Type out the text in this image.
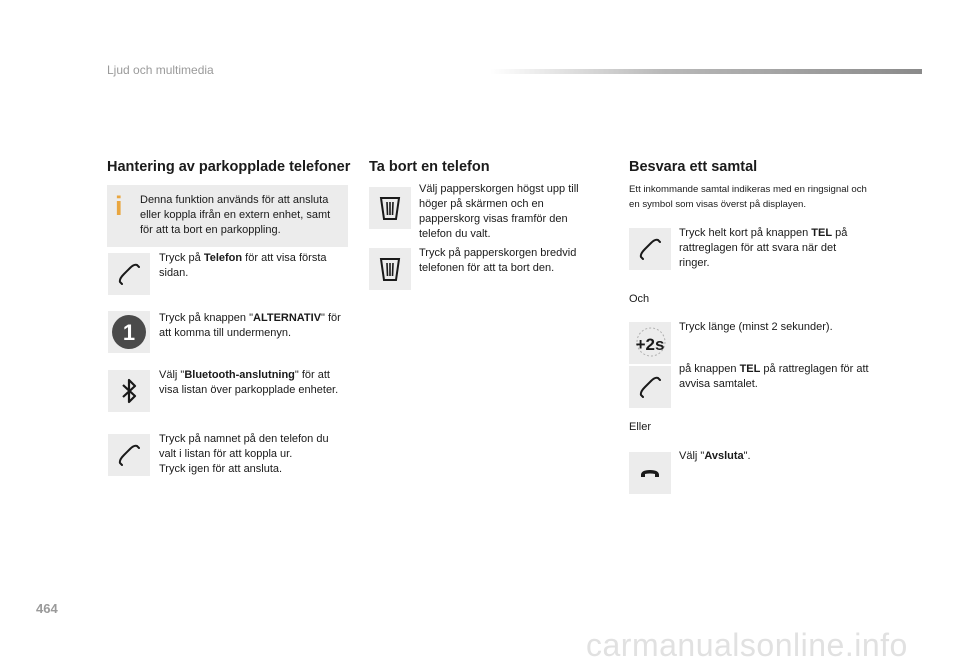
Ljud och multimedia
Hantering av parkopplade telefoner
i Denna funktion används för att ansluta eller koppla ifrån en extern enhet, samt för att ta bort en parkoppling.
Tryck på Telefon för att visa första sidan.
1
Tryck på knappen "ALTERNATIV" för att komma till undermenyn.
Välj "Bluetooth-anslutning" för att visa listan över parkopplade enheter.
Tryck på namnet på den telefon du
valt i listan för att koppla ur.
Tryck igen för att ansluta.
Ta bort en telefon
Välj papperskorgen högst upp till höger på skärmen och en papperskorg visas framför den telefon du valt.
Tryck på papperskorgen bredvid telefonen för att ta bort den.
Besvara ett samtal
Ett inkommande samtal indikeras med en ringsignal och en symbol som visas överst på displayen.
Tryck helt kort på knappen TEL på rattreglagen för att svara när det ringer.
Och
+2s
Tryck länge (minst 2 sekunder).
på knappen TEL på rattreglagen för att avvisa samtalet.
Eller
Välj "Avsluta".
464
carmanualsonline.info
